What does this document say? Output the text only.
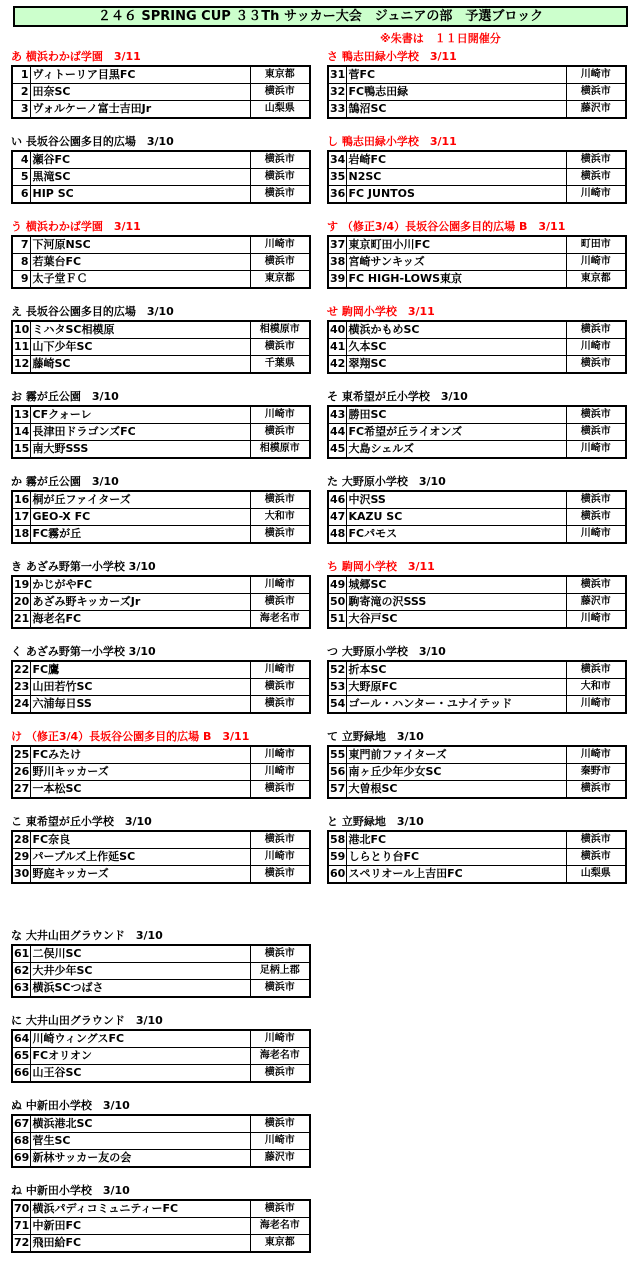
２４６ SPRING CUP ３３Th サッカー大会　ジュニアの部　予選ブロック
※朱書は　１１日開催分
あ 横浜わかば学園　3/11
1	ヴィトーリア目黒FC	東京都
2	田奈SC	横浜市
3	ヴォルケーノ富士吉田Jr	山梨県
さ 鴨志田緑小学校　3/11
31	菅FC	川崎市
32	FC鴨志田緑	横浜市
33	鵠沼SC	藤沢市
い 長坂谷公園多目的広場　3/10
4	瀬谷FC	横浜市
5	黒滝SC	横浜市
6	HIP SC	横浜市
し 鴨志田緑小学校　3/11
34	岩崎FC	横浜市
35	N2SC	横浜市
36	FC JUNTOS	川崎市
う 横浜わかば学園　3/11
7	下河原NSC	川崎市
8	若葉台FC	横浜市
9	太子堂ＦＣ	東京都
す （修正3/4）長坂谷公園多目的広場 B　3/11
37	東京町田小川FC	町田市
38	宮崎サンキッズ	川崎市
39	FC HIGH-LOWS東京	東京都
え 長坂谷公園多目的広場　3/10
10	ミハタSC相模原	相模原市
11	山下少年SC	横浜市
12	藤崎SC	千葉県
せ 駒岡小学校　3/11
40	横浜かもめSC	横浜市
41	久本SC	川崎市
42	翠翔SC	横浜市
お 霧が丘公園　3/10
13	CFクォーレ	川崎市
14	長津田ドラゴンズFC	横浜市
15	南大野SSS	相模原市
そ 東希望が丘小学校　3/10
43	勝田SC	横浜市
44	FC希望が丘ライオンズ	横浜市
45	大島シェルズ	川崎市
か 霧が丘公園　3/10
16	桐が丘ファイターズ	横浜市
17	GEO-X FC	大和市
18	FC霧が丘	横浜市
た 大野原小学校　3/10
46	中沢SS	横浜市
47	KAZU SC	横浜市
48	FCパモス	川崎市
き あざみ野第一小学校 3/10
19	かじがやFC	川崎市
20	あざみ野キッカーズJr	横浜市
21	海老名FC	海老名市
ち 駒岡小学校　3/11
49	城郷SC	横浜市
50	駒寄滝の沢SSS	藤沢市
51	大谷戸SC	川崎市
く あざみ野第一小学校 3/10
22	FC鷹	川崎市
23	山田若竹SC	横浜市
24	六浦毎日SS	横浜市
つ 大野原小学校　3/10
52	折本SC	横浜市
53	大野原FC	大和市
54	ゴール・ハンター・ユナイテッド	川崎市
け （修正3/4）長坂谷公園多目的広場 B　3/11
25	FCみたけ	川崎市
26	野川キッカーズ	川崎市
27	一本松SC	横浜市
て 立野緑地　3/10
55	東門前ファイターズ	川崎市
56	南ヶ丘少年少女SC	秦野市
57	大曽根SC	横浜市
こ 東希望が丘小学校　3/10
28	FC奈良	横浜市
29	パープルズ上作延SC	川崎市
30	野庭キッカーズ	横浜市
と 立野緑地　3/10
58	港北FC	横浜市
59	しらとり台FC	横浜市
60	スペリオール上吉田FC	山梨県
な 大井山田グラウンド　3/10
61	二俣川SC	横浜市
62	大井少年SC	足柄上郡
63	横浜SCつばさ	横浜市
に 大井山田グラウンド　3/10
64	川崎ウィングスFC	川崎市
65	FCオリオン	海老名市
66	山王谷SC	横浜市
ぬ 中新田小学校　3/10
67	横浜港北SC	横浜市
68	菅生SC	川崎市
69	新林サッカー友の会	藤沢市
ね 中新田小学校　3/10
70	横浜パディコミュニティーFC	横浜市
71	中新田FC	海老名市
72	飛田給FC	東京都
